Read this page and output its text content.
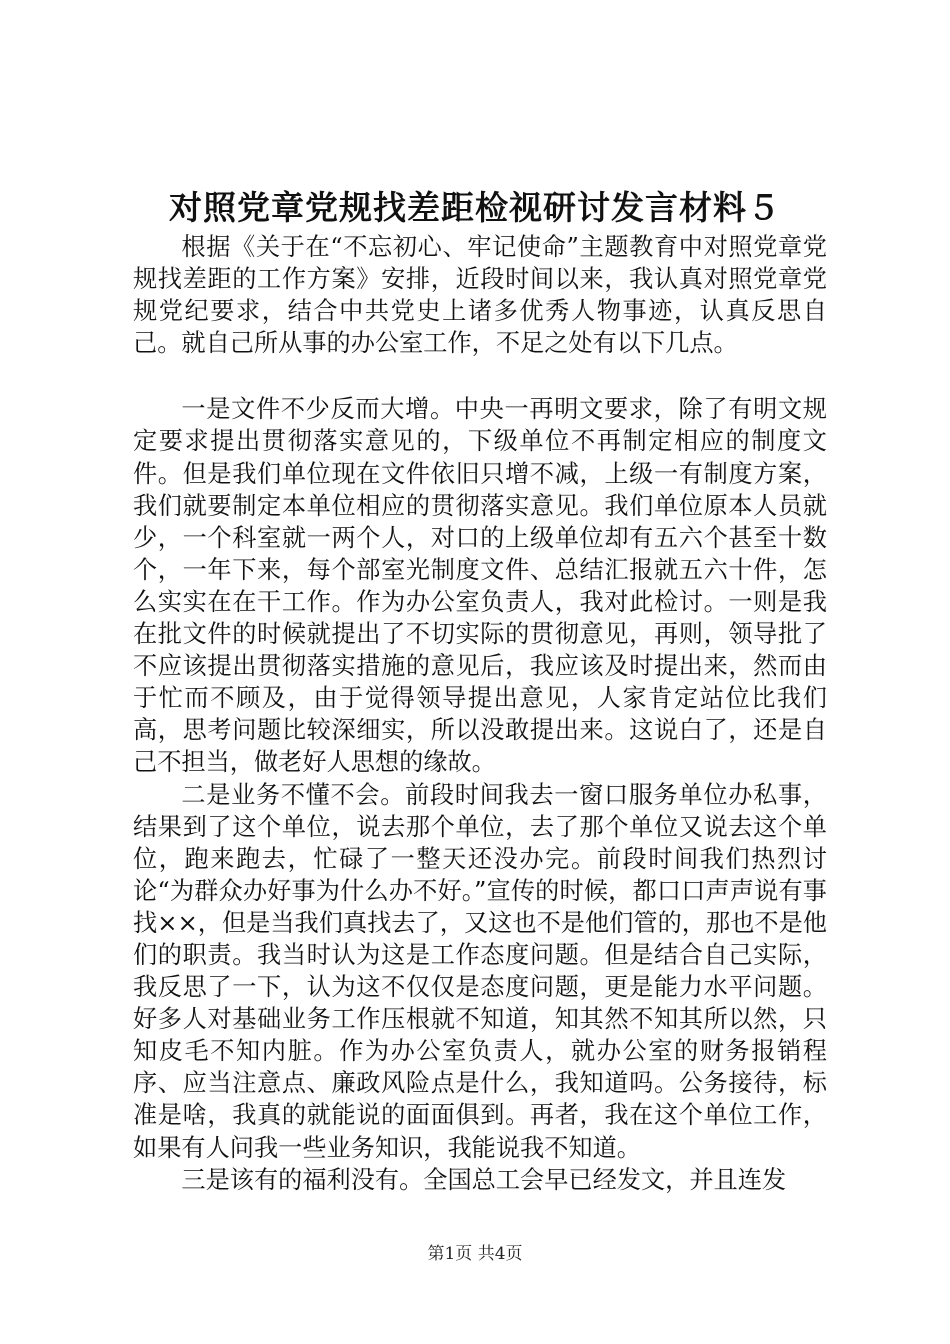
对照党章党规找差距检视研讨发言材料５

根据《关于在“不忘初心、牢记使命”主题教育中对照党章党规找差距的工作方案》安排，近段时间以来，我认真对照党章党规党纪要求，结合中共党史上诸多优秀人物事迹，认真反思自己。就自己所从事的办公室工作，不足之处有以下几点。

一是文件不少反而大增。中央一再明文要求，除了有明文规定要求提出贯彻落实意见的，下级单位不再制定相应的制度文件。但是我们单位现在文件依旧只增不减，上级一有制度方案，我们就要制定本单位相应的贯彻落实意见。我们单位原本人员就少，一个科室就一两个人，对口的上级单位却有五六个甚至十数个，一年下来，每个部室光制度文件、总结汇报就五六十件，怎么实实在在干工作。作为办公室负责人，我对此检讨。一则是我在批文件的时候就提出了不切实际的贯彻意见，再则，领导批了不应该提出贯彻落实措施的意见后，我应该及时提出来，然而由于忙而不顾及，由于觉得领导提出意见，人家肯定站位比我们高，思考问题比较深细实，所以没敢提出来。这说白了，还是自己不担当，做老好人思想的缘故。

二是业务不懂不会。前段时间我去一窗口服务单位办私事，结果到了这个单位，说去那个单位，去了那个单位又说去这个单位，跑来跑去，忙碌了一整天还没办完。前段时间我们热烈讨论“为群众办好事为什么办不好。”宣传的时候，都口口声声说有事找××，但是当我们真找去了，又这也不是他们管的，那也不是他们的职责。我当时认为这是工作态度问题。但是结合自己实际，我反思了一下，认为这不仅仅是态度问题，更是能力水平问题。好多人对基础业务工作压根就不知道，知其然不知其所以然，只知皮毛不知内脏。作为办公室负责人，就办公室的财务报销程序、应当注意点、廉政风险点是什么，我知道吗。公务接待，标准是啥，我真的就能说的面面俱到。再者，我在这个单位工作，如果有人问我一些业务知识，我能说我不知道。

三是该有的福利没有。全国总工会早已经发文，并且连发

第1页 共4页
